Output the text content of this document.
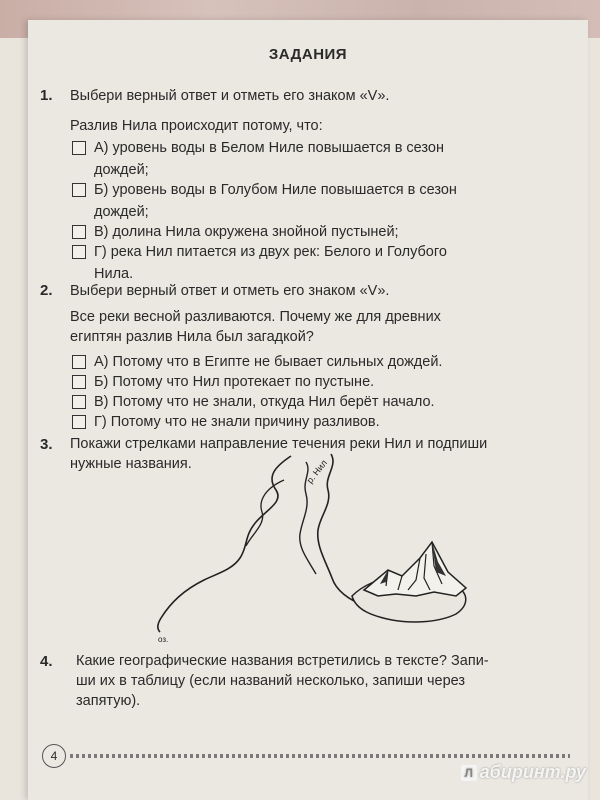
ЗАДАНИЯ
1. Выбери верный ответ и отметь его знаком «V».
Разлив Нила происходит потому, что:
А) уровень воды в Белом Ниле повышается в сезон
дождей;
Б) уровень воды в Голубом Ниле повышается в сезон
дождей;
В) долина Нила окружена знойной пустыней;
Г) река Нил питается из двух рек: Белого и Голубого
Нила.
2. Выбери верный ответ и отметь его знаком «V».
Все реки весной разливаются. Почему же для древних
египтян разлив Нила был загадкой?
А) Потому что в Египте не бывает сильных дождей.
Б) Потому что Нил протекает по пустыне.
В) Потому что не знали, откуда Нил берёт начало.
Г) Потому что не знали причину разливов.
3. Покажи стрелками направление течения реки Нил и подпиши
нужные названия.	р. Нил
оз.
4. Какие географические названия встретились в тексте? Запи-
ши их в таблицу (если названий несколько, запиши через
запятую).
4
Л абиринт.ру
